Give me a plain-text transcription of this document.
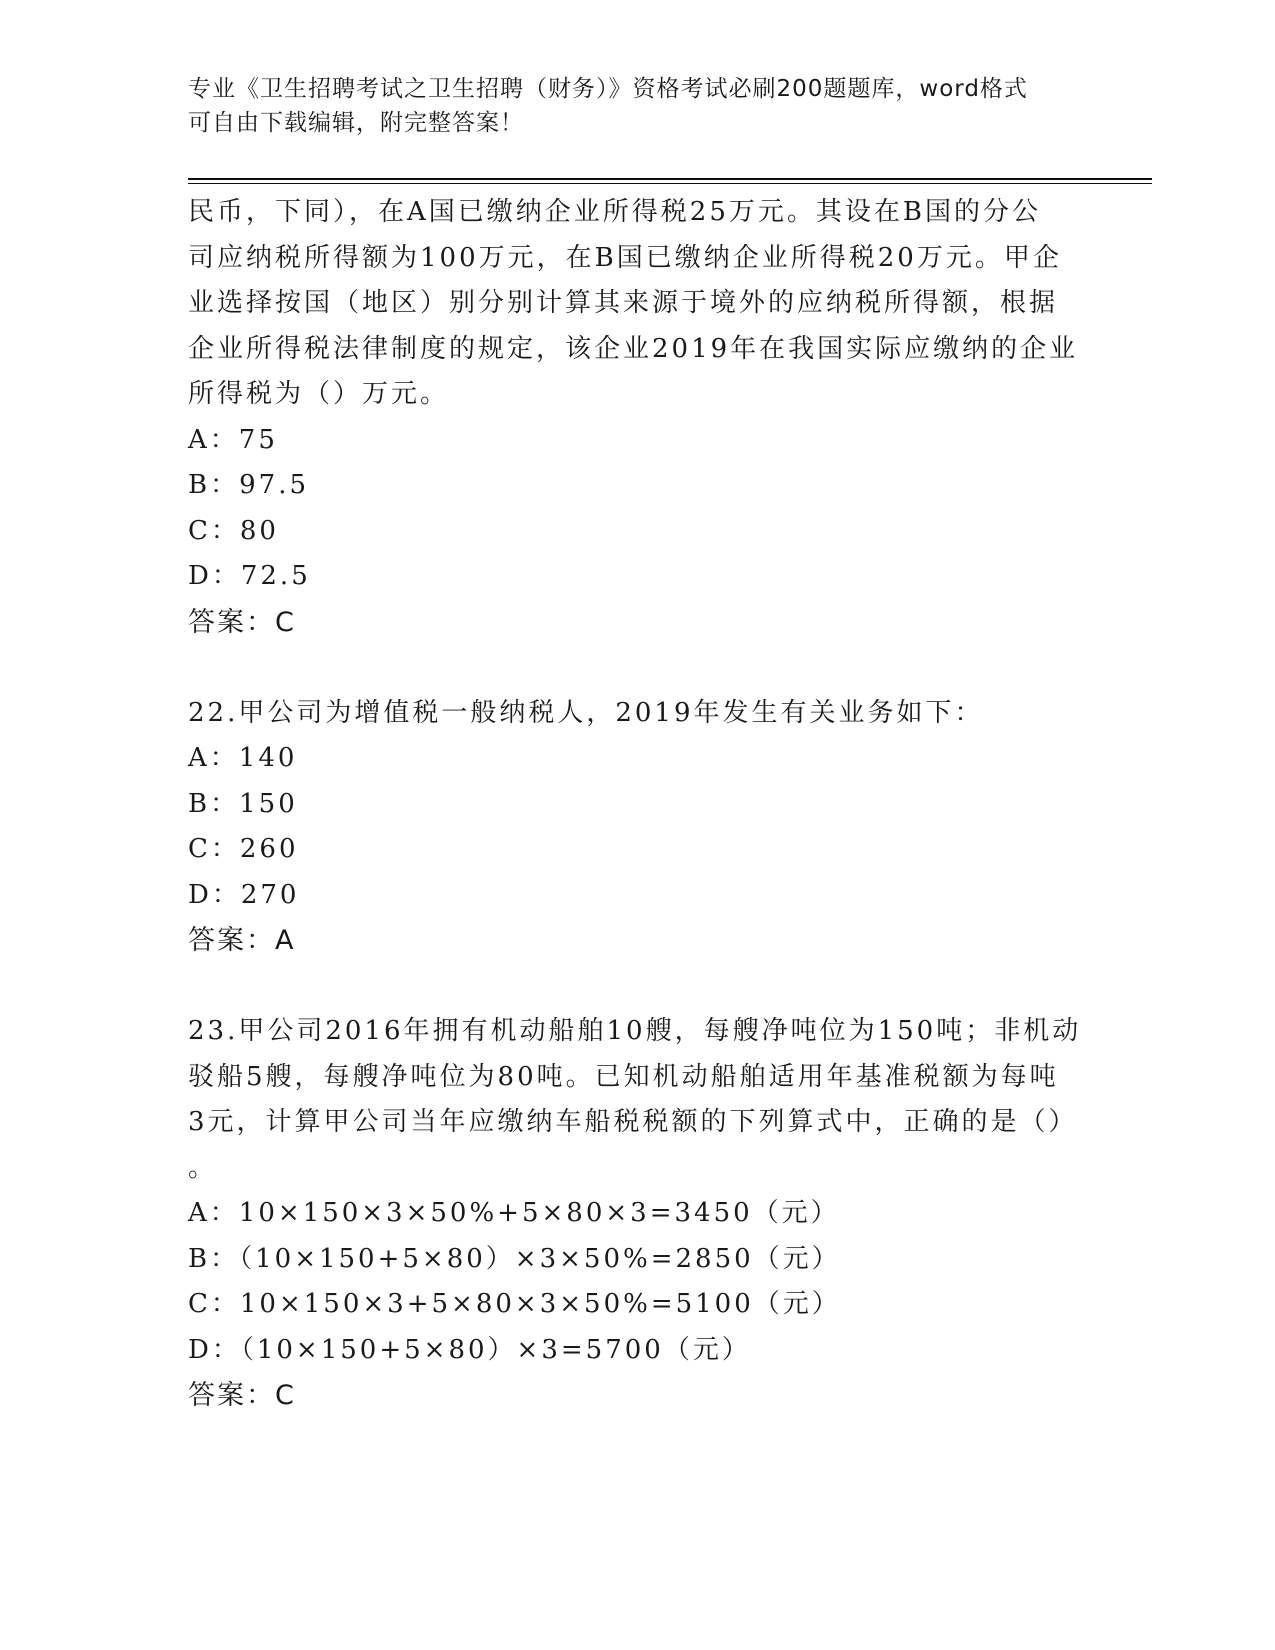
专业《卫生招聘考试之卫生招聘（财务）》资格考试必刷200题题库，word格式
可自由下载编辑，附完整答案！
民币，下同），在A国已缴纳企业所得税25万元。其设在B国的分公
司应纳税所得额为100万元，在B国已缴纳企业所得税20万元。甲企
业选择按国（地区）别分别计算其来源于境外的应纳税所得额，根据
企业所得税法律制度的规定，该企业2019年在我国实际应缴纳的企业
所得税为（）万元。
A：75
B：97.5
C：80
D：72.5
答案：C
22.甲公司为增值税一般纳税人，2019年发生有关业务如下：
A：140
B：150
C：260
D：270
答案：A
23.甲公司2016年拥有机动船舶10艘，每艘净吨位为150吨；非机动
驳船5艘，每艘净吨位为80吨。已知机动船舶适用年基准税额为每吨
3元，计算甲公司当年应缴纳车船税税额的下列算式中，正确的是（）
。
A：10×150×3×50%+5×80×3=3450（元）
B：（10×150+5×80）×3×50%=2850（元）
C：10×150×3+5×80×3×50%=5100（元）
D：（10×150+5×80）×3=5700（元）
答案：C
